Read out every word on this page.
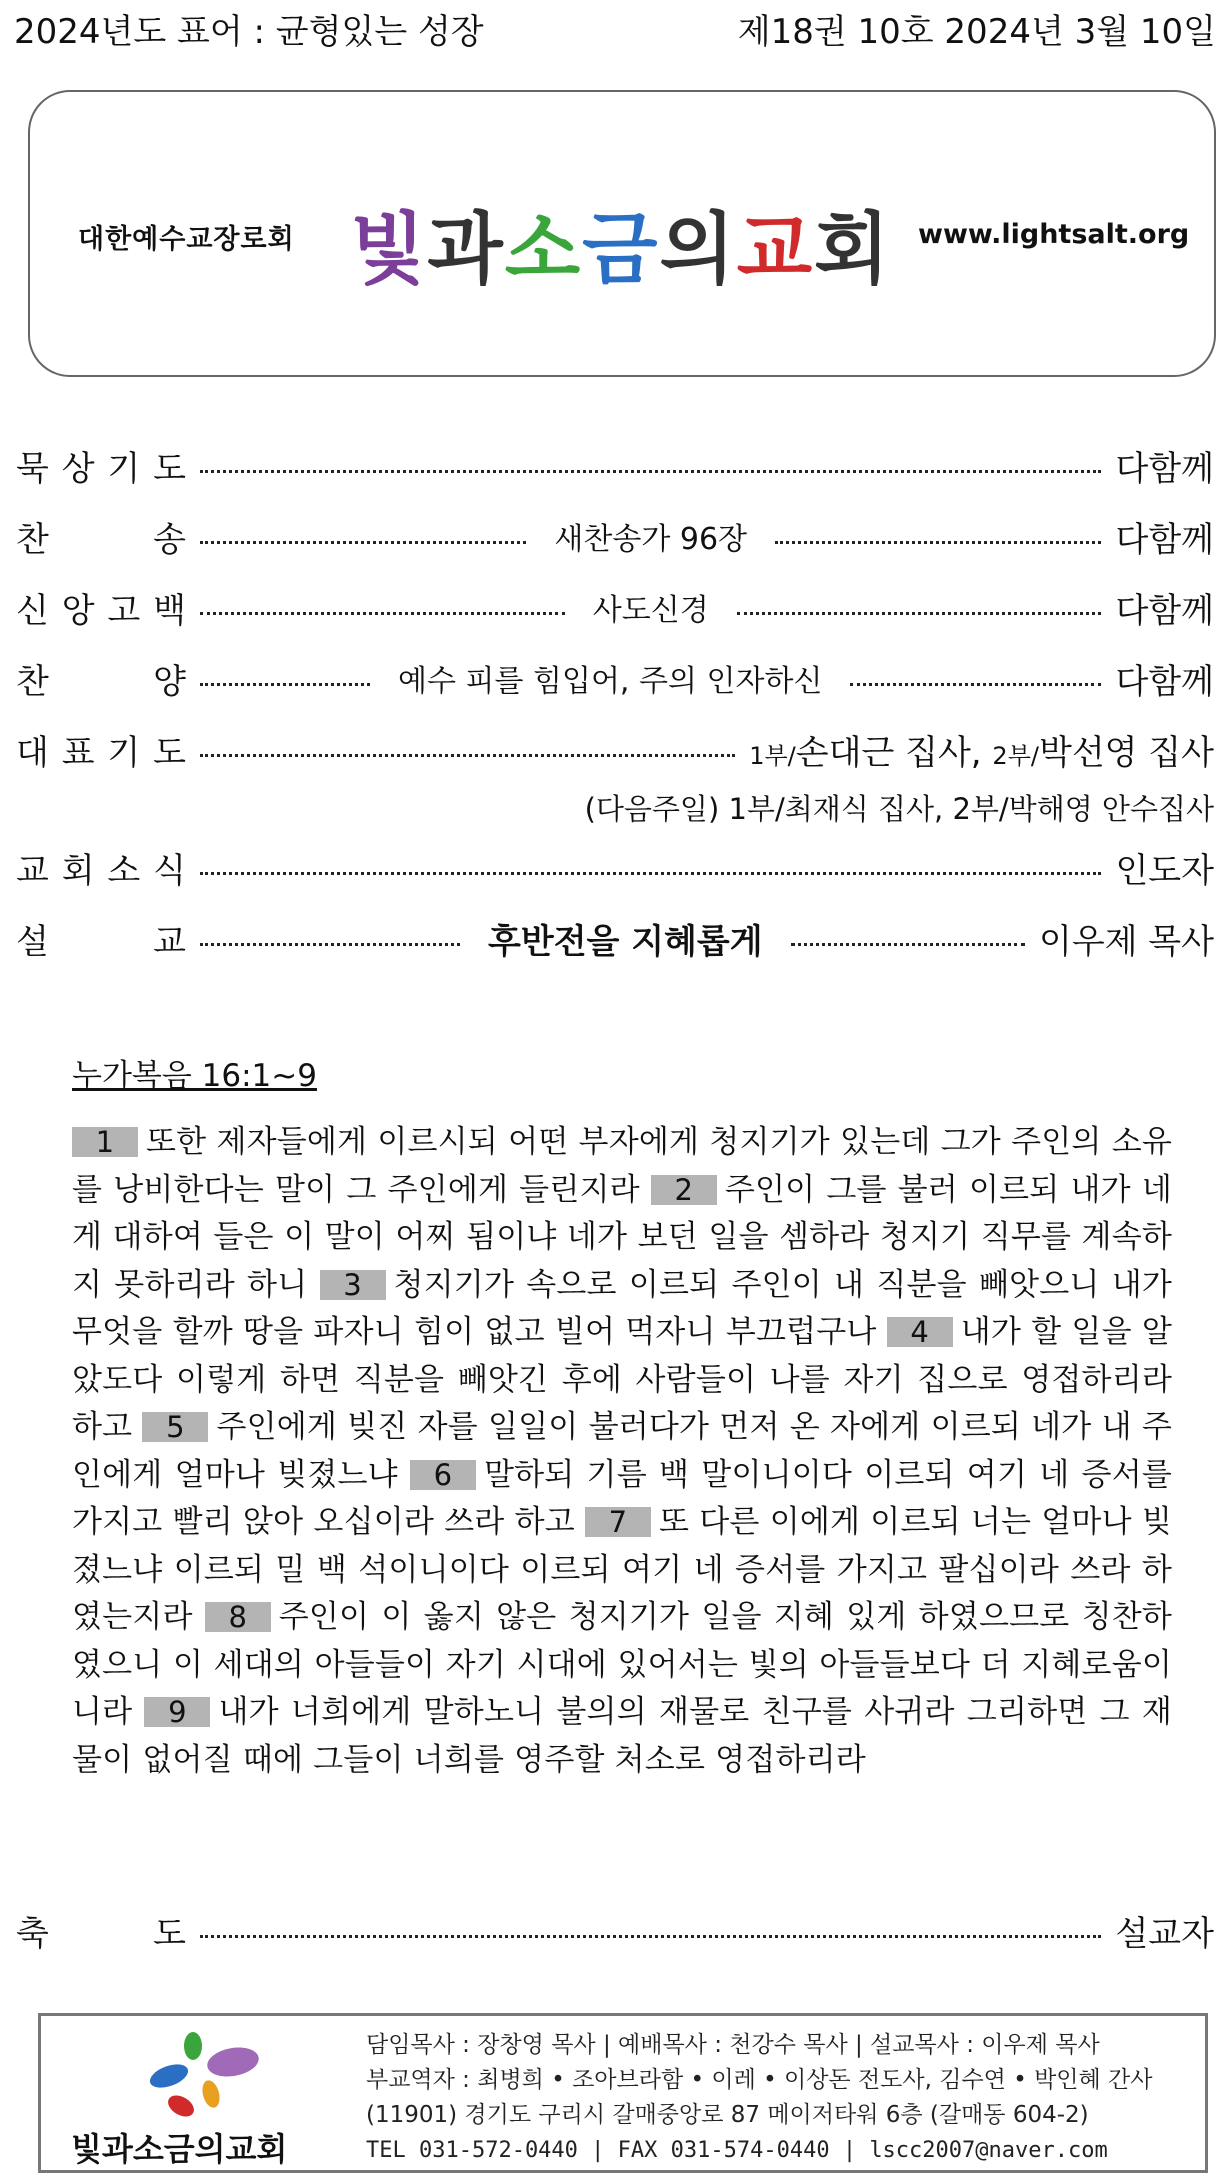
2024년도 표어 : 균형있는 성장	제18권 10호 2024년 3월 10일
대한예수교장로회 빛과소금의교회 www.lightsalt.org
묵 상 기 도	다함께
찬	송	새찬송가 96장	다함께
신 앙 고 백	사도신경	다함께
찬	양	예수 피를 힘입어, 주의 인자하신	다함께
대 표 기 도	1부/손대근 집사, 2부/박선영 집사
(다음주일) 1부/최재식 집사, 2부/박해영 안수집사
교 회 소 식	인도자
설	교	후반전을 지혜롭게	이우제 목사
누가복음 16:1~9
1 또한 제자들에게 이르시되 어떤 부자에게 청지기가 있는데 그가 주인의 소유를 낭비한다는 말이 그 주인에게 들린지라 2 주인이 그를 불러 이르되 내가 네게 대하여 들은 이 말이 어찌 됨이냐 네가 보던 일을 셈하라 청지기 직무를 계속하지 못하리라 하니 3 청지기가 속으로 이르되 주인이 내 직분을 빼앗으니 내가 무엇을 할까 땅을 파자니 힘이 없고 빌어 먹자니 부끄럽구나 4 내가 할 일을 알았도다 이렇게 하면 직분을 빼앗긴 후에 사람들이 나를 자기 집으로 영접하리라 하고 5 주인에게 빚진 자를 일일이 불러다가 먼저 온 자에게 이르되 네가 내 주인에게 얼마나 빚졌느냐 6 말하되 기름 백 말이니이다 이르되 여기 네 증서를 가지고 빨리 앉아 오십이라 쓰라 하고 7 또 다른 이에게 이르되 너는 얼마나 빚졌느냐 이르되 밀 백 석이니이다 이르되 여기 네 증서를 가지고 팔십이라 쓰라 하였는지라 8 주인이 이 옳지 않은 청지기가 일을 지혜 있게 하였으므로 칭찬하였으니 이 세대의 아들들이 자기 시대에 있어서는 빛의 아들들보다 더 지혜로움이니라 9 내가 너희에게 말하노니 불의의 재물로 친구를 사귀라 그리하면 그 재물이 없어질 때에 그들이 너희를 영주할 처소로 영접하리라
축	도	설교자
빛과소금의교회
담임목사 : 장창영 목사 | 예배목사 : 천강수 목사 | 설교목사 : 이우제 목사
부교역자 : 최병희 • 조아브라함 • 이레 • 이상돈 전도사, 김수연 • 박인혜 간사
(11901) 경기도 구리시 갈매중앙로 87 메이저타워 6층 (갈매동 604-2)
TEL 031-572-0440 | FAX 031-574-0440 | lscc2007@naver.com
